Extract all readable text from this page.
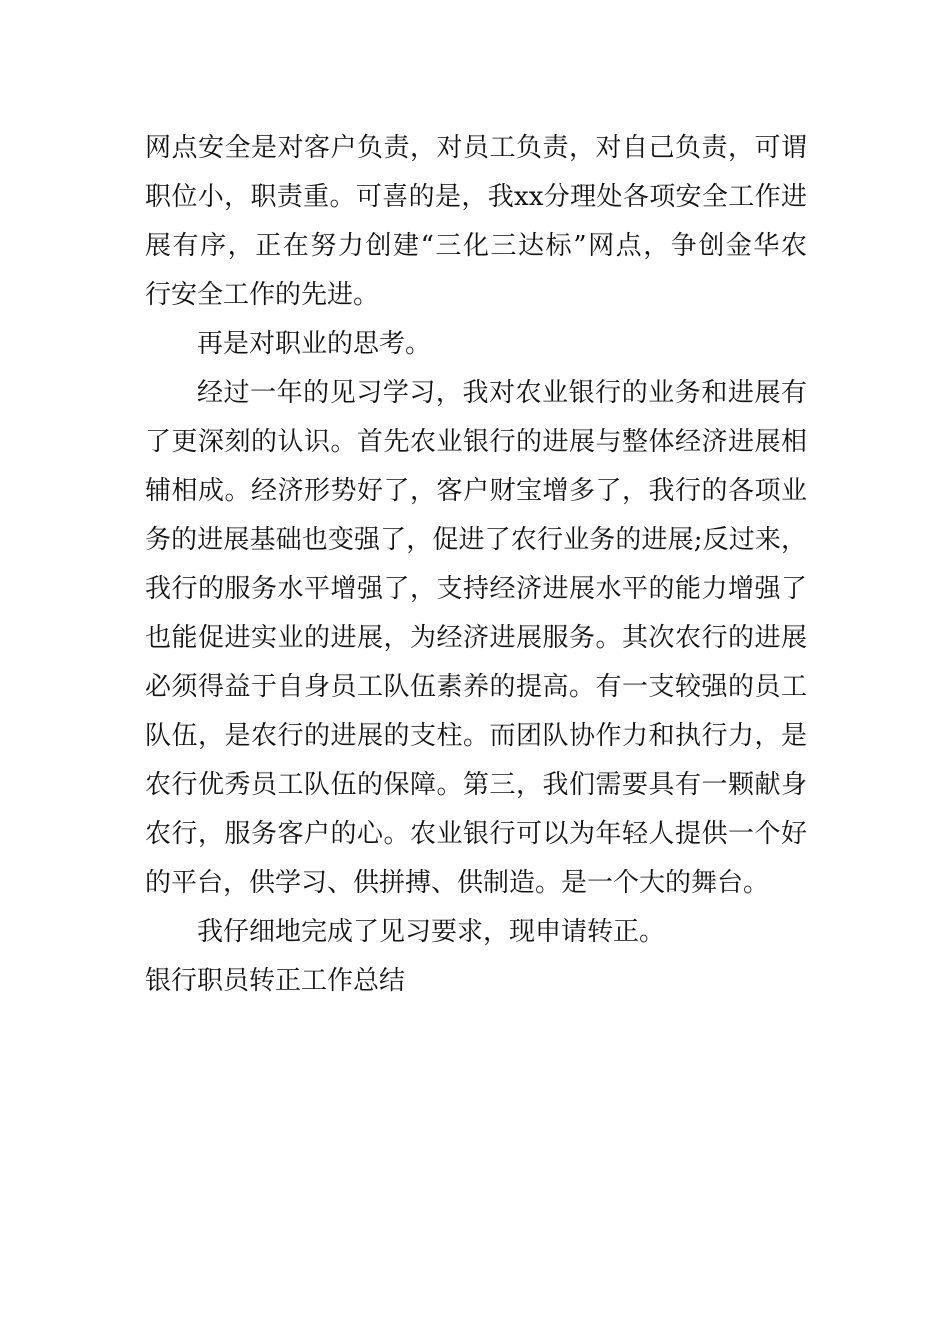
网点安全是对客户负责，对员工负责，对自己负责，可谓
职位小，职责重。可喜的是，我xx分理处各项安全工作进
展有序，正在努力创建“三化三达标”网点，争创金华农
行安全工作的先进。
再是对职业的思考。
经过一年的见习学习，我对农业银行的业务和进展有
了更深刻的认识。首先农业银行的进展与整体经济进展相
辅相成。经济形势好了，客户财宝增多了，我行的各项业
务的进展基础也变强了，促进了农行业务的进展;反过来，
我行的服务水平增强了，支持经济进展水平的能力增强了
也能促进实业的进展，为经济进展服务。其次农行的进展
必须得益于自身员工队伍素养的提高。有一支较强的员工
队伍，是农行的进展的支柱。而团队协作力和执行力，是
农行优秀员工队伍的保障。第三，我们需要具有一颗献身
农行，服务客户的心。农业银行可以为年轻人提供一个好
的平台，供学习、供拼搏、供制造。是一个大的舞台。
我仔细地完成了见习要求，现申请转正。
银行职员转正工作总结
